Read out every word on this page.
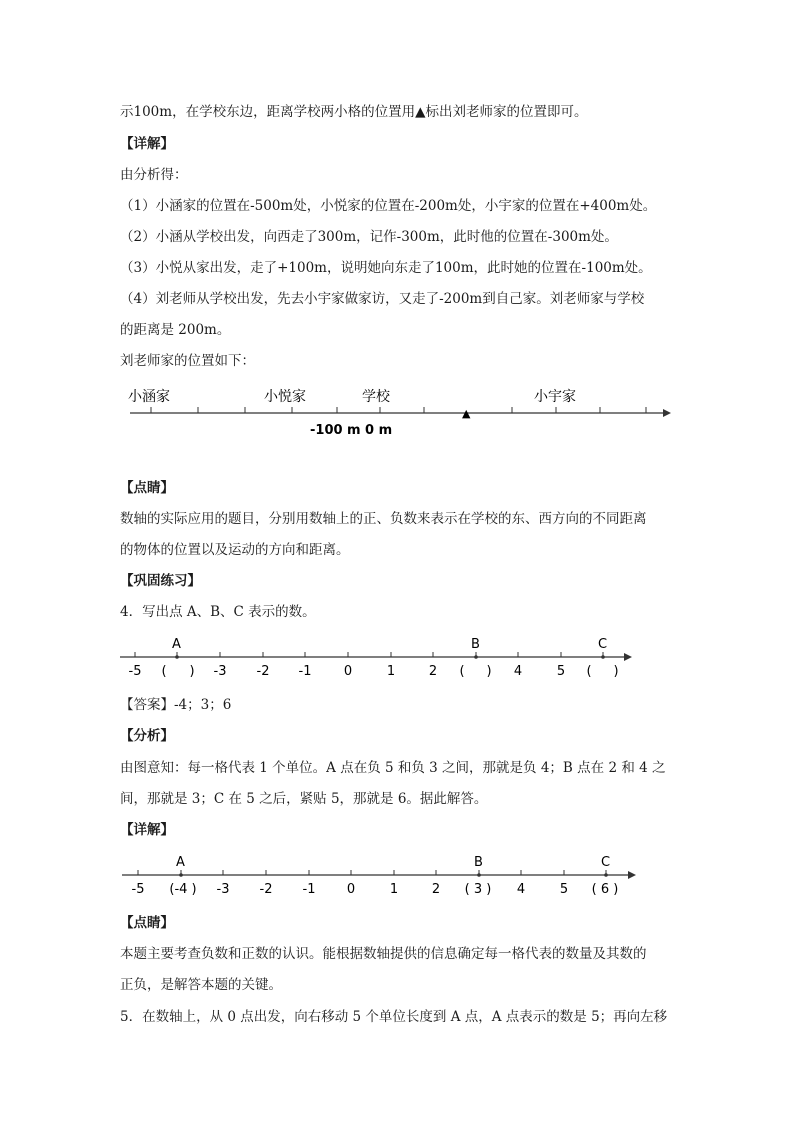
示100m，在学校东边，距离学校两小格的位置用▲标出刘老师家的位置即可。
【详解】
由分析得：
（1）小涵家的位置在-500m处，小悦家的位置在-200m处，小宇家的位置在+400m处。
（2）小涵从学校出发，向西走了300m，记作-300m，此时他的位置在-300m处。
（3）小悦从家出发，走了+100m，说明她向东走了100m，此时她的位置在-100m处。
（4）刘老师从学校出发，先去小宇家做家访，又走了-200m到自己家。刘老师家与学校
的距离是 200m。
刘老师家的位置如下：
小涵家	小悦家	学校	小宇家
▲
-100 m 0 m
【点睛】
数轴的实际应用的题目，分别用数轴上的正、负数来表示在学校的东、西方向的不同距离
的物体的位置以及运动的方向和距离。
【巩固练习】
4．写出点 A、B、C 表示的数。
A	B	C
-5	-3 -2 -1 0	1	2	4	5
( )	( )	( )
【答案】-4；3；6
【分析】
由图意知：每一格代表 1 个单位。A 点在负 5 和负 3 之间，那就是负 4；B 点在 2 和 4 之
间，那就是 3；C 在 5 之后，紧贴 5，那就是 6。据此解答。
【详解】
A	B	C
-5	-3 -2 -1 0	1	2	4	5
(-4 )	( 3 )	( 6 )
【点睛】
本题主要考查负数和正数的认识。能根据数轴提供的信息确定每一格代表的数量及其数的
正负，是解答本题的关键。
5．在数轴上，从 0 点出发，向右移动 5 个单位长度到 A 点，A 点表示的数是 5；再向左移
